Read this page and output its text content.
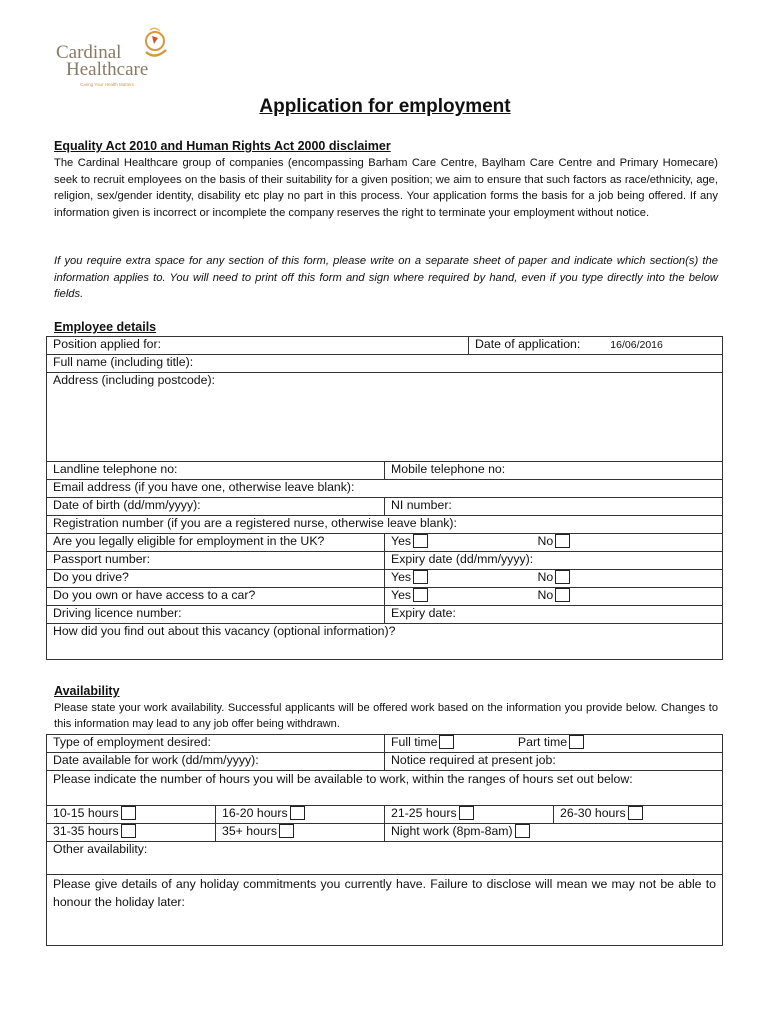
Cardinal
Healthcare
Caring Your Health Matters
Application for employment
Equality Act 2010 and Human Rights Act 2000 disclaimer
The Cardinal Healthcare group of companies (encompassing Barham Care Centre, Baylham Care Centre and Primary Homecare) seek to recruit employees on the basis of their suitability for a given position; we aim to ensure that such factors as race/ethnicity, age, religion, sex/gender identity, disability etc play no part in this process. Your application forms the basis for a job being offered. If any information given is incorrect or incomplete the company reserves the right to terminate your employment without notice.
If you require extra space for any section of this form, please write on a separate sheet of paper and indicate which section(s) the information applies to. You will need to print off this form and sign where required by hand, even if you type directly into the below fields.
Employee details
Position applied for:		Date of application: 16/06/2016
Full name (including title):		
Address (including postcode):		
Landline telephone no:	Mobile telephone no:	
Email address (if you have one, otherwise leave blank):		
Date of birth (dd/mm/yyyy):	NI number:	
Registration number (if you are a registered nurse, otherwise leave blank):		
Are you legally eligible for employment in the UK?	Yes No	
Passport number:	Expiry date (dd/mm/yyyy):	
Do you drive?	Yes No	
Do you own or have access to a car?	Yes No	
Driving licence number:	Expiry date:	
How did you find out about this vacancy (optional information)?		
Availability
Please state your work availability. Successful applicants will be offered work based on the information you provide below. Changes to this information may lead to any job offer being withdrawn.
Type of employment desired:		Full time Part time	
Date available for work (dd/mm/yyyy):		Notice required at present job:	
Please indicate the number of hours you will be available to work, within the ranges of hours set out below:			
10-15 hours	16-20 hours	21-25 hours	26-30 hours
31-35 hours	35+ hours	Night work (8pm-8am)	
Other availability:			
Please give details of any holiday commitments you currently have. Failure to disclose will mean we may not be able to honour the holiday later:			
